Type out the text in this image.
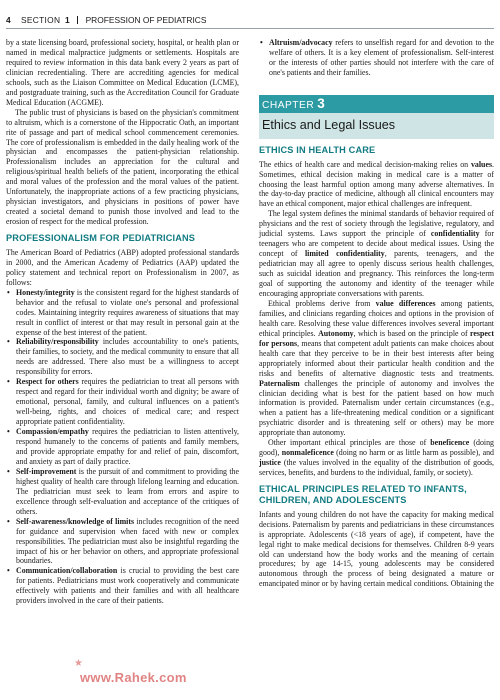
4 SECTION 1 PROFESSION OF PEDIATRICS

by a state licensing board, professional society, hospital, or health plan or named in medical malpractice judgments or settlements. Hospitals are required to review information in this data bank every 2 years as part of clinician recredentialing. There are accrediting agencies for medical schools, such as the Liaison Committee on Medical Education (LCME), and postgraduate training, such as the Accreditation Council for Graduate Medical Education (ACGME).

The public trust of physicians is based on the physician's commitment to altruism, which is a cornerstone of the Hippocratic Oath, an important rite of passage and part of medical school commencement ceremonies. The core of professionalism is embedded in the daily healing work of the physician and encompasses the patient-physician relationship. Professionalism includes an appreciation for the cultural and religious/spiritual health beliefs of the patient, incorporating the ethical and moral values of the profession and the moral values of the patient. Unfortunately, the inappropriate actions of a few practicing physicians, physician investigators, and physicians in positions of power have created a societal demand to punish those involved and lead to the erosion of respect for the medical profession.

PROFESSIONALISM FOR PEDIATRICIANS

The American Board of Pediatrics (ABP) adopted professional standards in 2000, and the American Academy of Pediatrics (AAP) updated the policy statement and technical report on Professionalism in 2007, as follows:

• Honesty/integrity is the consistent regard for the highest standards of behavior and the refusal to violate one's personal and professional codes. Maintaining integrity requires awareness of situations that may result in conflict of interest or that may result in personal gain at the expense of the best interest of the patient.
• Reliability/responsibility includes accountability to one's patients, their families, to society, and the medical community to ensure that all needs are addressed. There also must be a willingness to accept responsibility for errors.
• Respect for others requires the pediatrician to treat all persons with respect and regard for their individual worth and dignity; be aware of emotional, personal, family, and cultural influences on a patient's well-being, rights, and choices of medical care; and respect appropriate patient confidentiality.
• Compassion/empathy requires the pediatrician to listen attentively, respond humanely to the concerns of patients and family members, and provide appropriate empathy for and relief of pain, discomfort, and anxiety as part of daily practice.
• Self-improvement is the pursuit of and commitment to providing the highest quality of health care through lifelong learning and education. The pediatrician must seek to learn from errors and aspire to excellence through self-evaluation and acceptance of the critiques of others.
• Self-awareness/knowledge of limits includes recognition of the need for guidance and supervision when faced with new or complex responsibilities. The pediatrician must also be insightful regarding the impact of his or her behavior on others, and appropriate professional boundaries.
• Communication/collaboration is crucial to providing the best care for patients. Pediatricians must work cooperatively and communicate effectively with patients and their families and with all healthcare providers involved in the care of their patients.
• Altruism/advocacy refers to unselfish regard for and devotion to the welfare of others. It is a key element of professionalism. Self-interest or the interests of other parties should not interfere with the care of one's patients and their families.
CHAPTER 3
Ethics and Legal Issues
ETHICS IN HEALTH CARE

The ethics of health care and medical decision-making relies on values. Sometimes, ethical decision making in medical care is a matter of choosing the least harmful option among many adverse alternatives. In the day-to-day practice of medicine, although all clinical encounters may have an ethical component, major ethical challenges are infrequent.

The legal system defines the minimal standards of behavior required of physicians and the rest of society through the legislative, regulatory, and judicial systems. Laws support the principle of confidentiality for teenagers who are competent to decide about medical issues. Using the concept of limited confidentiality, parents, teenagers, and the pediatrician may all agree to openly discuss serious health challenges, such as suicidal ideation and pregnancy. This reinforces the long-term goal of supporting the autonomy and identity of the teenager while encouraging appropriate conversations with parents.

Ethical problems derive from value differences among patients, families, and clinicians regarding choices and options in the provision of health care. Resolving these value differences involves several important ethical principles. Autonomy, which is based on the principle of respect for persons, means that competent adult patients can make choices about health care that they perceive to be in their best interests after being appropriately informed about their particular health condition and the risks and benefits of alternative diagnostic tests and treatments. Paternalism challenges the principle of autonomy and involves the clinician deciding what is best for the patient based on how much information is provided. Paternalism under certain circumstances (e.g., when a patient has a life-threatening medical condition or a significant psychiatric disorder and is threatening self or others) may be more appropriate than autonomy.

Other important ethical principles are those of beneficence (doing good), nonmaleficence (doing no harm or as little harm as possible), and justice (the values involved in the equality of the distribution of goods, services, benefits, and burdens to the individual, family, or society).

ETHICAL PRINCIPLES RELATED TO INFANTS, CHILDREN, AND ADOLESCENTS

Infants and young children do not have the capacity for making medical decisions. Paternalism by parents and pediatricians in these circumstances is appropriate. Adolescents (<18 years of age), if competent, have the legal right to make medical decisions for themselves. Children 8-9 years old can understand how the body works and the meaning of certain procedures; by age 14-15, young adolescents may be considered autonomous through the process of being designated a mature or emancipated minor or by having certain medical conditions. Obtaining the

★
www.Rahek.com
